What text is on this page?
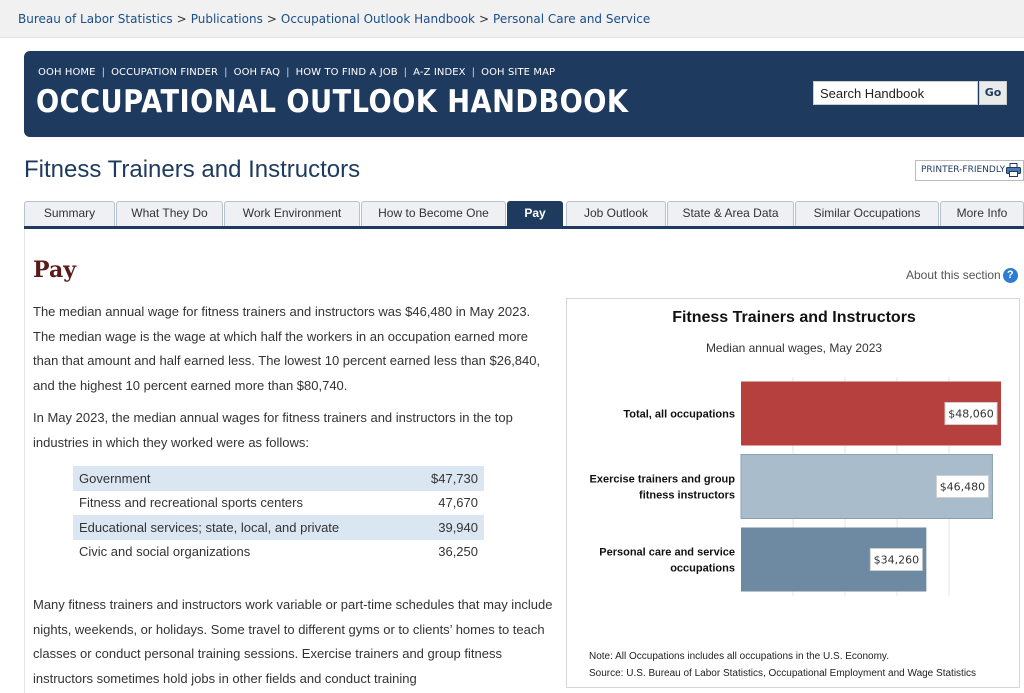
Bureau of Labor Statistics > Publications > Occupational Outlook Handbook > Personal Care and Service
OOH HOME | OCCUPATION FINDER | OOH FAQ | HOW TO FIND A JOB | A-Z INDEX | OOH SITE MAP
OCCUPATIONAL OUTLOOK HANDBOOK
Search Handbook	Go
Fitness Trainers and Instructors	PRINTER-FRIENDLY
Summary	What They Do	Work Environment	How to Become One	Pay	Job Outlook	State & Area Data	Similar Occupations	More Info
Pay	About this section ?

The median annual wage for fitness trainers and instructors was $46,480 in May 2023. The median wage is the wage at which half the workers in an occupation earned more than that amount and half earned less. The lowest 10 percent earned less than $26,840, and the highest 10 percent earned more than $80,740.

In May 2023, the median annual wages for fitness trainers and instructors in the top industries in which they worked were as follows:

Government	$47,730
Fitness and recreational sports centers	47,670
Educational services; state, local, and private	39,940
Civic and social organizations	36,250

Many fitness trainers and instructors work variable or part-time schedules that may include nights, weekends, or holidays. Some travel to different gyms or to clients’ homes to teach classes or conduct personal training sessions. Exercise trainers and group fitness instructors sometimes hold jobs in other fields and conduct training

Fitness Trainers and Instructors
Median annual wages, May 2023
Total, all occupations	$48,060
Exercise trainers and group fitness instructors
$46,480
Personal care and service occupations
$34,260
Note: All Occupations includes all occupations in the U.S. Economy.
Source: U.S. Bureau of Labor Statistics, Occupational Employment and Wage Statistics
